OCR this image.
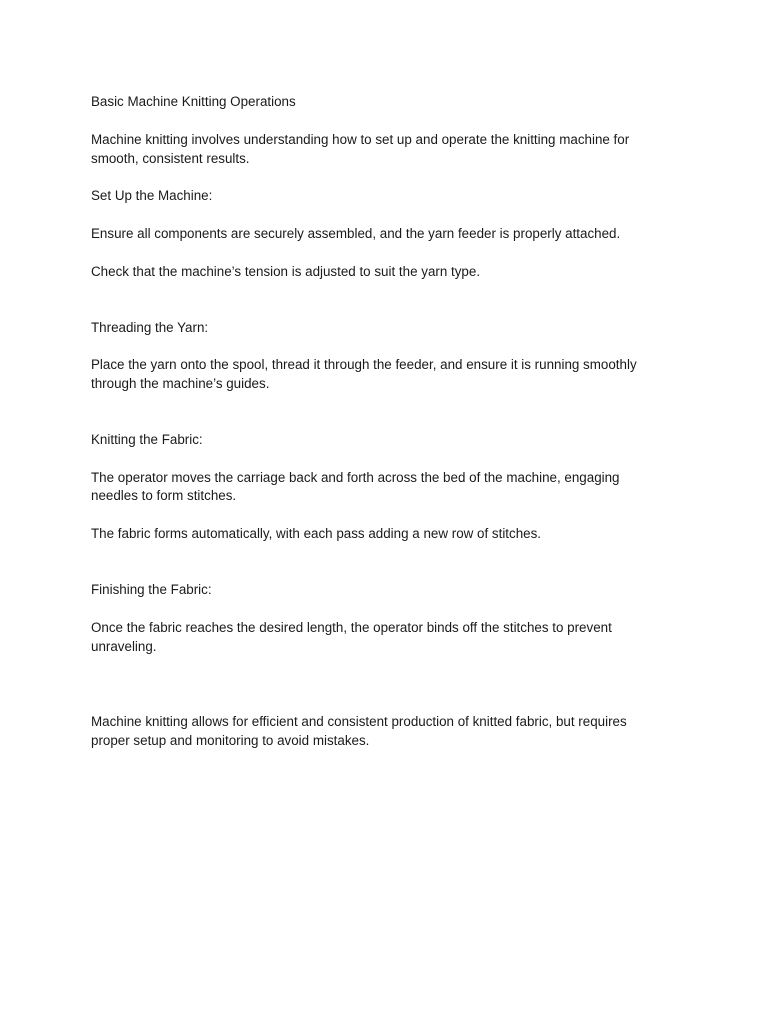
Basic Machine Knitting Operations
Machine knitting involves understanding how to set up and operate the knitting machine for
smooth, consistent results.
Set Up the Machine:
Ensure all components are securely assembled, and the yarn feeder is properly attached.
Check that the machine’s tension is adjusted to suit the yarn type.
Threading the Yarn:
Place the yarn onto the spool, thread it through the feeder, and ensure it is running smoothly
through the machine’s guides.
Knitting the Fabric:
The operator moves the carriage back and forth across the bed of the machine, engaging
needles to form stitches.
The fabric forms automatically, with each pass adding a new row of stitches.
Finishing the Fabric:
Once the fabric reaches the desired length, the operator binds off the stitches to prevent
unraveling.
Machine knitting allows for efficient and consistent production of knitted fabric, but requires
proper setup and monitoring to avoid mistakes.
